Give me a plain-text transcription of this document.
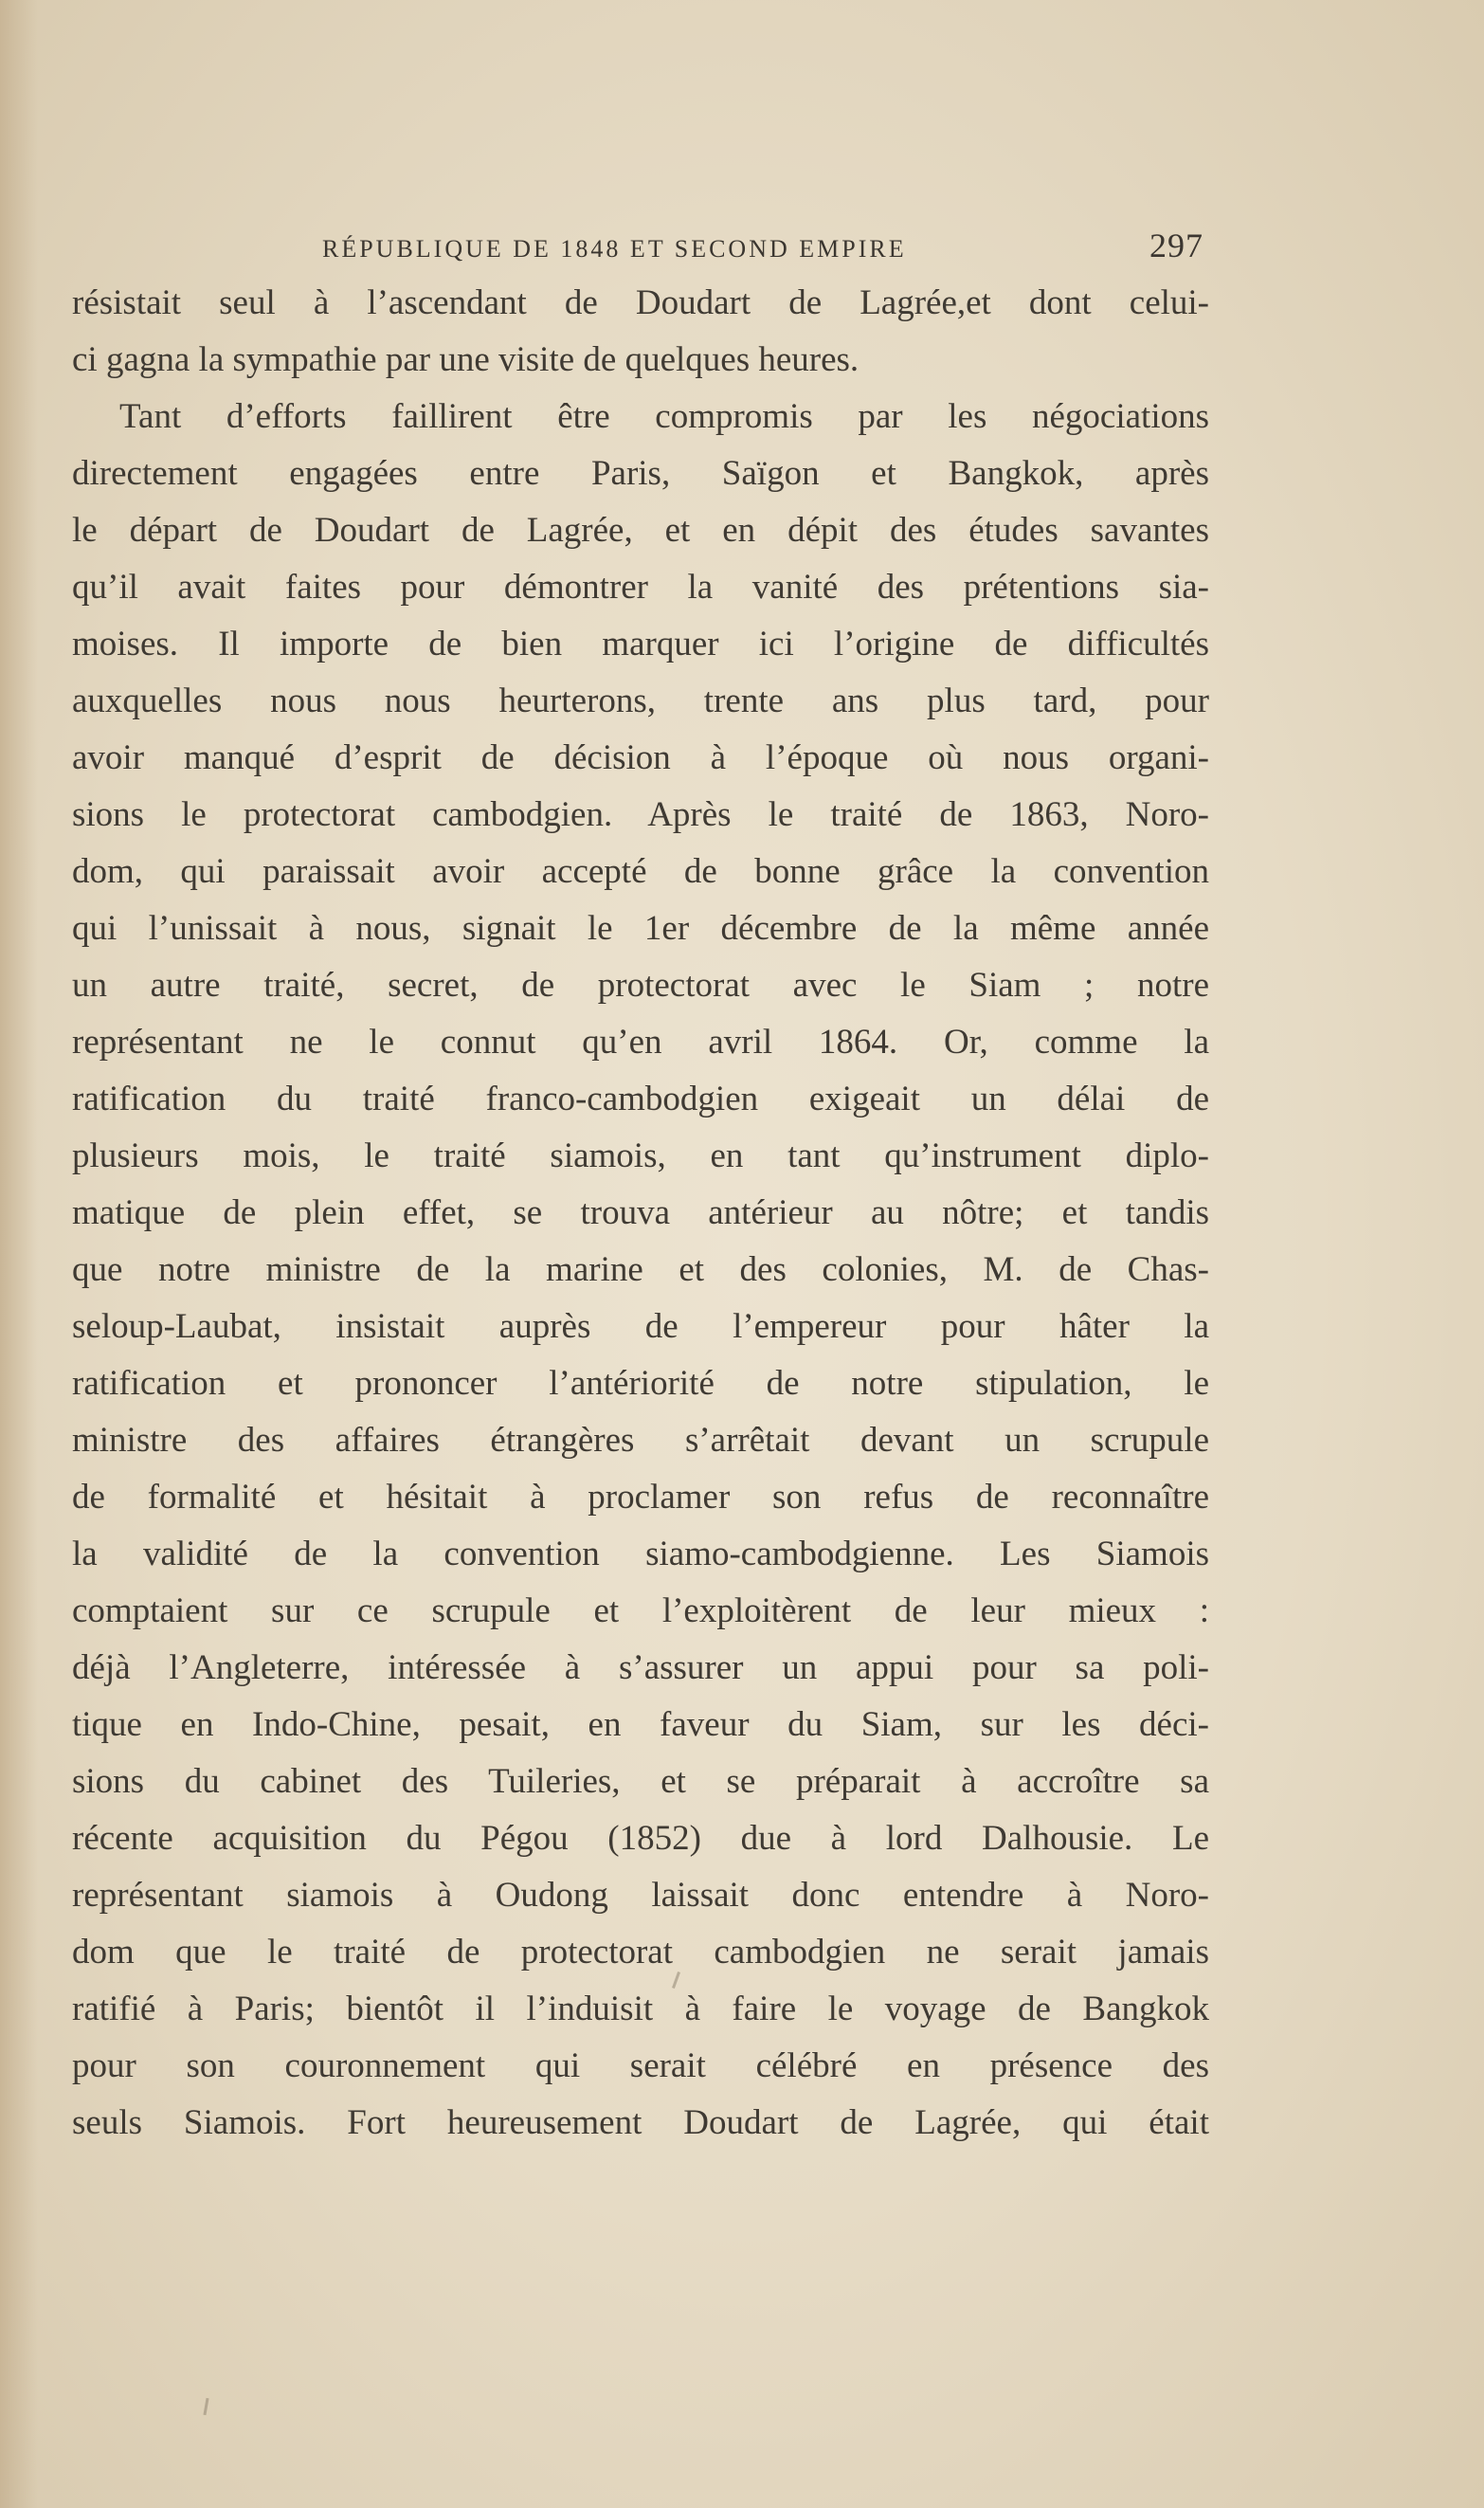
RÉPUBLIQUE DE 1848 ET SECOND EMPIRE	297
résistait seul à l’ascendant de Doudart de Lagrée,et dont celui-
ci gagna la sympathie par une visite de quelques heures.
Tant d’efforts faillirent être compromis par les négociations
directement engagées entre Paris, Saïgon et Bangkok, après
le départ de Doudart de Lagrée, et en dépit des études savantes
qu’il avait faites pour démontrer la vanité des prétentions sia-
moises. Il importe de bien marquer ici l’origine de difficultés
auxquelles nous nous heurterons, trente ans plus tard, pour
avoir manqué d’esprit de décision à l’époque où nous organi-
sions le protectorat cambodgien. Après le traité de 1863, Noro-
dom, qui paraissait avoir accepté de bonne grâce la convention
qui l’unissait à nous, signait le 1er décembre de la même année
un autre traité, secret, de protectorat avec le Siam ; notre
représentant ne le connut qu’en avril 1864. Or, comme la
ratification du traité franco-cambodgien exigeait un délai de
plusieurs mois, le traité siamois, en tant qu’instrument diplo-
matique de plein effet, se trouva antérieur au nôtre; et tandis
que notre ministre de la marine et des colonies, M. de Chas-
seloup-Laubat, insistait auprès de l’empereur pour hâter la
ratification et prononcer l’antériorité de notre stipulation, le
ministre des affaires étrangères s’arrêtait devant un scrupule
de formalité et hésitait à proclamer son refus de reconnaître
la validité de la convention siamo-cambodgienne. Les Siamois
comptaient sur ce scrupule et l’exploitèrent de leur mieux :
déjà l’Angleterre, intéressée à s’assurer un appui pour sa poli-
tique en Indo-Chine, pesait, en faveur du Siam, sur les déci-
sions du cabinet des Tuileries, et se préparait à accroître sa
récente acquisition du Pégou (1852) due à lord Dalhousie. Le
représentant siamois à Oudong laissait donc entendre à Noro-
dom que le traité de protectorat cambodgien ne serait jamais
ratifié à Paris; bientôt il l’induisit à faire le voyage de Bangkok
pour son couronnement qui serait célébré en présence des
seuls Siamois. Fort heureusement Doudart de Lagrée, qui était
